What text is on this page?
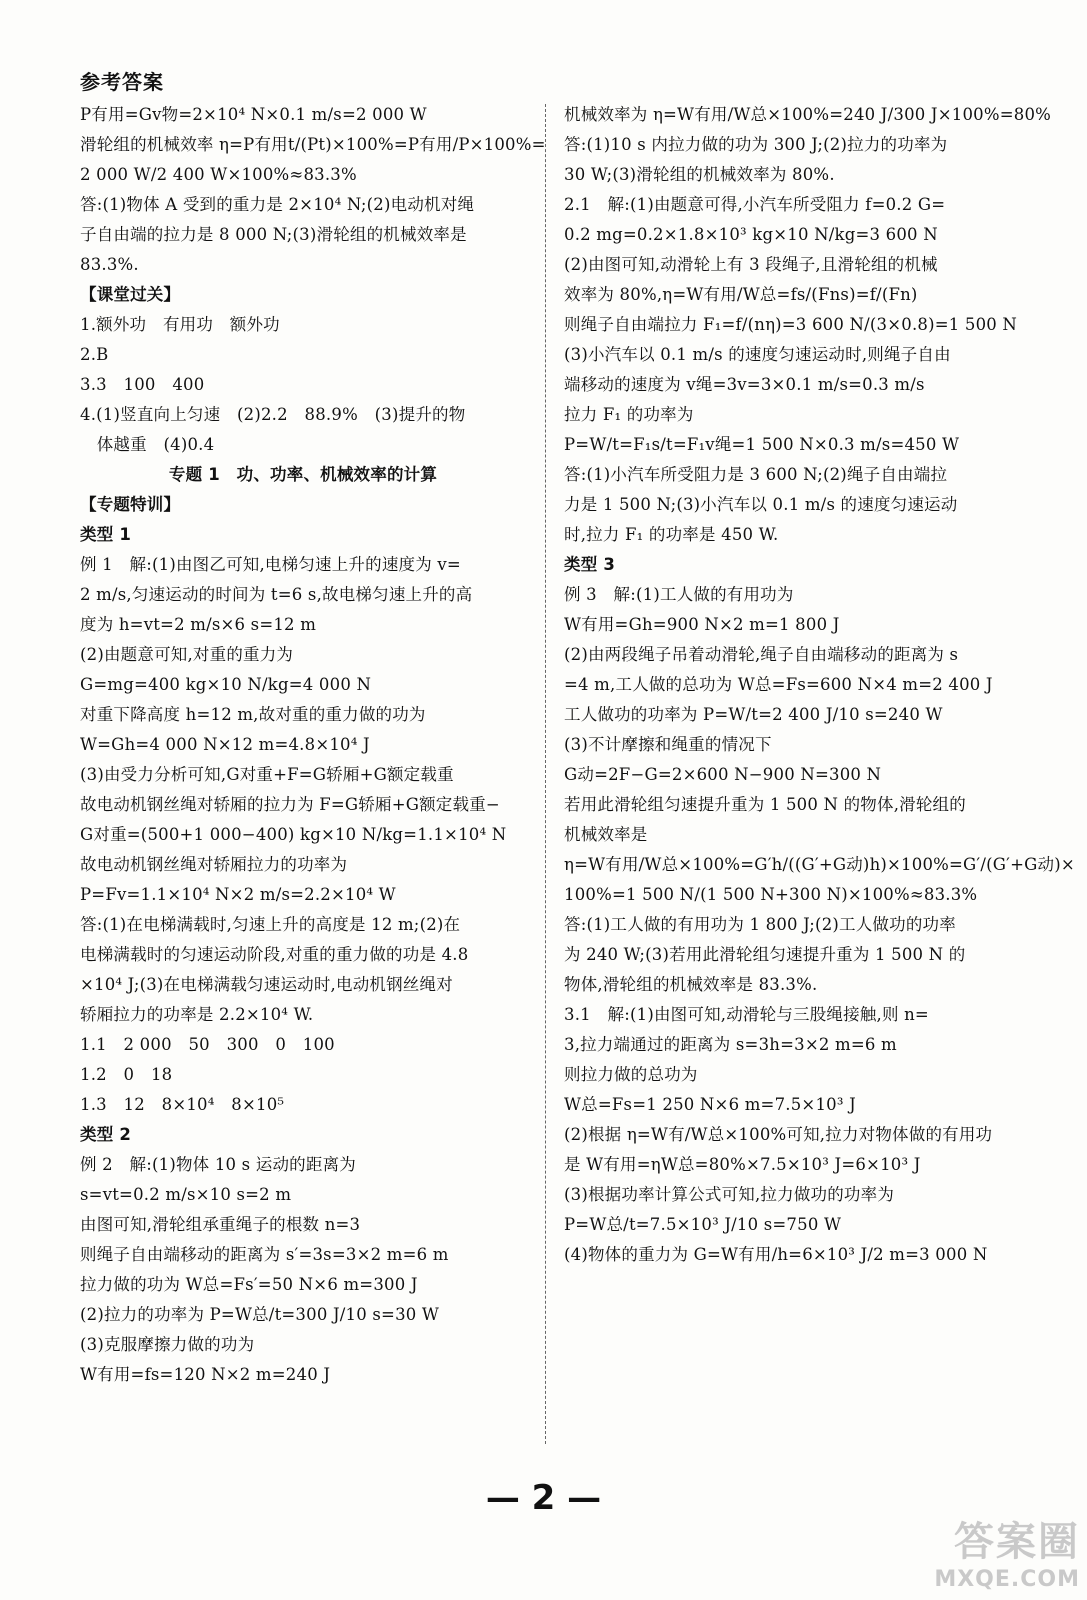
参考答案
P有用=Gv物=2×10⁴ N×0.1 m/s=2 000 W
滑轮组的机械效率 η=P有用t/(Pt)×100%=P有用/P×100%=
2 000 W/2 400 W×100%≈83.3%
答:(1)物体 A 受到的重力是 2×10⁴ N;(2)电动机对绳
子自由端的拉力是 8 000 N;(3)滑轮组的机械效率是
83.3%.
【课堂过关】
1.额外功　有用功　额外功
2.B
3.3　100　400
4.(1)竖直向上匀速　(2)2.2　88.9%　(3)提升的物
　体越重　(4)0.4
专题 1　功、功率、机械效率的计算
【专题特训】
类型 1
例 1　解:(1)由图乙可知,电梯匀速上升的速度为 v=
2 m/s,匀速运动的时间为 t=6 s,故电梯匀速上升的高
度为 h=vt=2 m/s×6 s=12 m
(2)由题意可知,对重的重力为
G=mg=400 kg×10 N/kg=4 000 N
对重下降高度 h=12 m,故对重的重力做的功为
W=Gh=4 000 N×12 m=4.8×10⁴ J
(3)由受力分析可知,G对重+F=G轿厢+G额定载重
故电动机钢丝绳对轿厢的拉力为 F=G轿厢+G额定载重−
G对重=(500+1 000−400) kg×10 N/kg=1.1×10⁴ N
故电动机钢丝绳对轿厢拉力的功率为
P=Fv=1.1×10⁴ N×2 m/s=2.2×10⁴ W
答:(1)在电梯满载时,匀速上升的高度是 12 m;(2)在
电梯满载时的匀速运动阶段,对重的重力做的功是 4.8
×10⁴ J;(3)在电梯满载匀速运动时,电动机钢丝绳对
轿厢拉力的功率是 2.2×10⁴ W.
1.1　2 000　50　300　0　100
1.2　0　18
1.3　12　8×10⁴　8×10⁵
类型 2
例 2　解:(1)物体 10 s 运动的距离为
s=vt=0.2 m/s×10 s=2 m
由图可知,滑轮组承重绳子的根数 n=3
则绳子自由端移动的距离为 s′=3s=3×2 m=6 m
拉力做的功为 W总=Fs′=50 N×6 m=300 J
(2)拉力的功率为 P=W总/t=300 J/10 s=30 W
(3)克服摩擦力做的功为
W有用=fs=120 N×2 m=240 J
机械效率为 η=W有用/W总×100%=240 J/300 J×100%=80%
答:(1)10 s 内拉力做的功为 300 J;(2)拉力的功率为
30 W;(3)滑轮组的机械效率为 80%.
2.1　解:(1)由题意可得,小汽车所受阻力 f=0.2 G=
0.2 mg=0.2×1.8×10³ kg×10 N/kg=3 600 N
(2)由图可知,动滑轮上有 3 段绳子,且滑轮组的机械
效率为 80%,η=W有用/W总=fs/(Fns)=f/(Fn)
则绳子自由端拉力 F₁=f/(nη)=3 600 N/(3×0.8)=1 500 N
(3)小汽车以 0.1 m/s 的速度匀速运动时,则绳子自由
端移动的速度为 v绳=3v=3×0.1 m/s=0.3 m/s
拉力 F₁ 的功率为
P=W/t=F₁s/t=F₁v绳=1 500 N×0.3 m/s=450 W
答:(1)小汽车所受阻力是 3 600 N;(2)绳子自由端拉
力是 1 500 N;(3)小汽车以 0.1 m/s 的速度匀速运动
时,拉力 F₁ 的功率是 450 W.
类型 3
例 3　解:(1)工人做的有用功为
W有用=Gh=900 N×2 m=1 800 J
(2)由两段绳子吊着动滑轮,绳子自由端移动的距离为 s
=4 m,工人做的总功为 W总=Fs=600 N×4 m=2 400 J
工人做功的功率为 P=W/t=2 400 J/10 s=240 W
(3)不计摩擦和绳重的情况下
G动=2F−G=2×600 N−900 N=300 N
若用此滑轮组匀速提升重为 1 500 N 的物体,滑轮组的
机械效率是
η=W有用/W总×100%=G′h/((G′+G动)h)×100%=G′/(G′+G动)×
100%=1 500 N/(1 500 N+300 N)×100%≈83.3%
答:(1)工人做的有用功为 1 800 J;(2)工人做功的功率
为 240 W;(3)若用此滑轮组匀速提升重为 1 500 N 的
物体,滑轮组的机械效率是 83.3%.
3.1　解:(1)由图可知,动滑轮与三股绳接触,则 n=
3,拉力端通过的距离为 s=3h=3×2 m=6 m
则拉力做的总功为
W总=Fs=1 250 N×6 m=7.5×10³ J
(2)根据 η=W有/W总×100%可知,拉力对物体做的有用功
是 W有用=ηW总=80%×7.5×10³ J=6×10³ J
(3)根据功率计算公式可知,拉力做功的功率为
P=W总/t=7.5×10³ J/10 s=750 W
(4)物体的重力为 G=W有用/h=6×10³ J/2 m=3 000 N
— 2 —
答案圈
MXQE.COM
